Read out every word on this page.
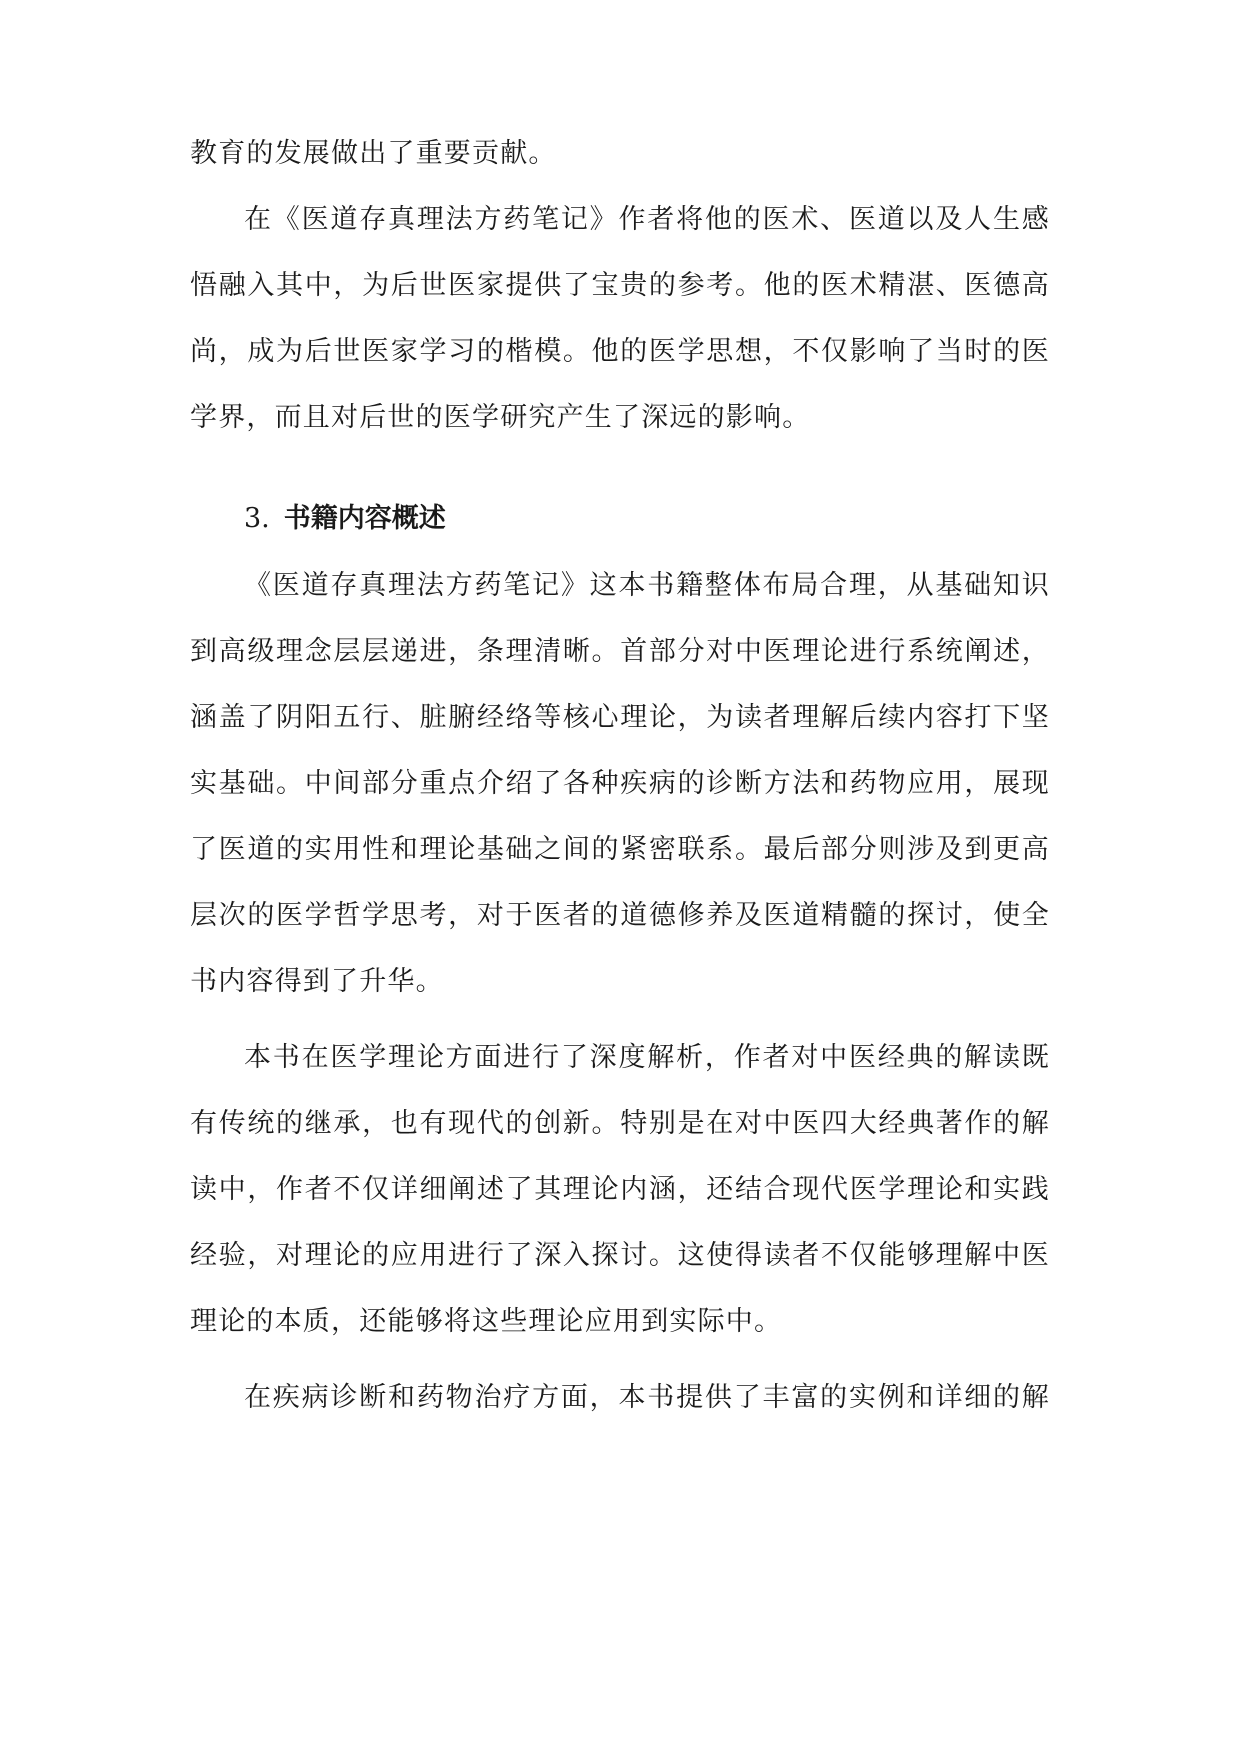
教育的发展做出了重要贡献。
在《医道存真理法方药笔记》作者将他的医术、医道以及人生感
悟融入其中，为后世医家提供了宝贵的参考。他的医术精湛、医德高
尚，成为后世医家学习的楷模。他的医学思想，不仅影响了当时的医
学界，而且对后世的医学研究产生了深远的影响。
3. 书籍内容概述
《医道存真理法方药笔记》这本书籍整体布局合理，从基础知识
到高级理念层层递进，条理清晰。首部分对中医理论进行系统阐述，
涵盖了阴阳五行、脏腑经络等核心理论，为读者理解后续内容打下坚
实基础。中间部分重点介绍了各种疾病的诊断方法和药物应用，展现
了医道的实用性和理论基础之间的紧密联系。最后部分则涉及到更高
层次的医学哲学思考，对于医者的道德修养及医道精髓的探讨，使全
书内容得到了升华。
本书在医学理论方面进行了深度解析，作者对中医经典的解读既
有传统的继承，也有现代的创新。特别是在对中医四大经典著作的解
读中，作者不仅详细阐述了其理论内涵，还结合现代医学理论和实践
经验，对理论的应用进行了深入探讨。这使得读者不仅能够理解中医
理论的本质，还能够将这些理论应用到实际中。
在疾病诊断和药物治疗方面，本书提供了丰富的实例和详细的解
